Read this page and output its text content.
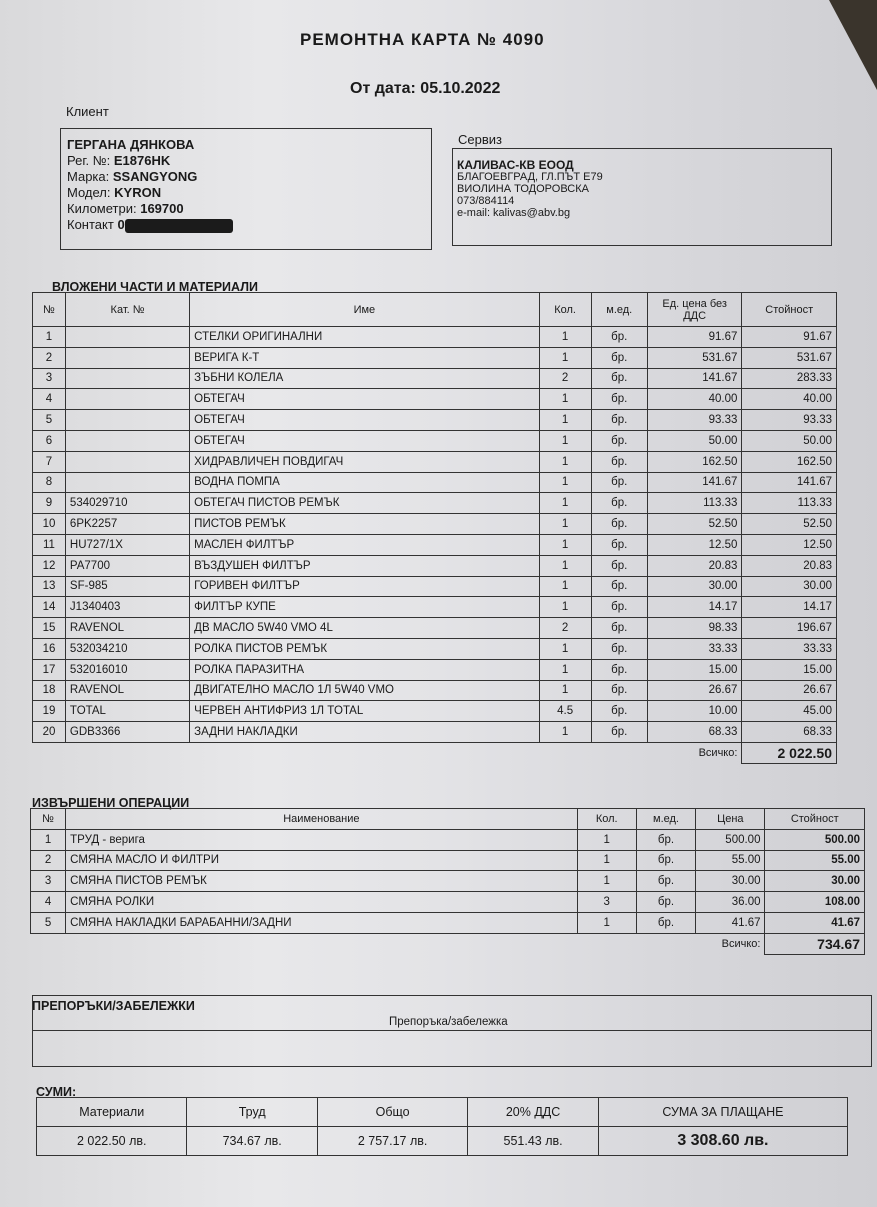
РЕМОНТНА КАРТА № 4090
От дата: 05.10.2022
Клиент
ГЕРГАНА ДЯНКОВА
Рег. №: E1876HK
Марка: SSANGYONG
Модел: KYRON
Километри: 169700
Контакт 0
Сервиз
КАЛИВАС-КВ ЕООД
БЛАГОЕВГРАД, ГЛ.ПЪТ Е79
ВИОЛИНА ТОДОРОВСКА
073/884114
e-mail: kalivas@abv.bg
ВЛОЖЕНИ ЧАСТИ И МАТЕРИАЛИ
№	Кат. №	Име	Кол.	м.ед.	Ед. цена без ДДС	Стойност
1		СТЕЛКИ ОРИГИНАЛНИ	1	бр.	91.67	91.67
2		ВЕРИГА К-Т	1	бр.	531.67	531.67
3		ЗЪБНИ КОЛЕЛА	2	бр.	141.67	283.33
4		ОБТЕГАЧ	1	бр.	40.00	40.00
5		ОБТЕГАЧ	1	бр.	93.33	93.33
6		ОБТЕГАЧ	1	бр.	50.00	50.00
7		ХИДРАВЛИЧЕН ПОВДИГАЧ	1	бр.	162.50	162.50
8		ВОДНА ПОМПА	1	бр.	141.67	141.67
9	534029710	ОБТЕГАЧ ПИСТОВ РЕМЪК	1	бр.	113.33	113.33
10	6PK2257	ПИСТОВ РЕМЪК	1	бр.	52.50	52.50
11	HU727/1X	МАСЛЕН ФИЛТЪР	1	бр.	12.50	12.50
12	PA7700	ВЪЗДУШЕН ФИЛТЪР	1	бр.	20.83	20.83
13	SF-985	ГОРИВЕН ФИЛТЪР	1	бр.	30.00	30.00
14	J1340403	ФИЛТЪР КУПЕ	1	бр.	14.17	14.17
15	RAVENOL	ДВ МАСЛО 5W40 VMO 4L	2	бр.	98.33	196.67
16	532034210	РОЛКА ПИСТОВ РЕМЪК	1	бр.	33.33	33.33
17	532016010	РОЛКА ПАРАЗИТНА	1	бр.	15.00	15.00
18	RAVENOL	ДВИГАТЕЛНО МАСЛО 1Л 5W40 VMO	1	бр.	26.67	26.67
19	TOTAL	ЧЕРВЕН АНТИФРИЗ 1Л TOTAL	4.5	бр.	10.00	45.00
20	GDB3366	ЗАДНИ НАКЛАДКИ	1	бр.	68.33	68.33
					Всичко:	2 022.50
ИЗВЪРШЕНИ ОПЕРАЦИИ
№	Наименование	Кол.	м.ед.	Цена	Стойност
1	ТРУД - верига	1	бр.	500.00	500.00
2	СМЯНА МАСЛО И ФИЛТРИ	1	бр.	55.00	55.00
3	СМЯНА ПИСТОВ РЕМЪК	1	бр.	30.00	30.00
4	СМЯНА РОЛКИ	3	бр.	36.00	108.00
5	СМЯНА НАКЛАДКИ БАРАБАННИ/ЗАДНИ	1	бр.	41.67	41.67
				Всичко:	734.67
ПРЕПОРЪКИ/ЗАБЕЛЕЖКИ
Препоръка/забележка
СУМИ:
Материали	Труд	Общо	20% ДДС	СУМА ЗА ПЛАЩАНЕ
2 022.50 лв.	734.67 лв.	2 757.17 лв.	551.43 лв.	3 308.60 лв.
